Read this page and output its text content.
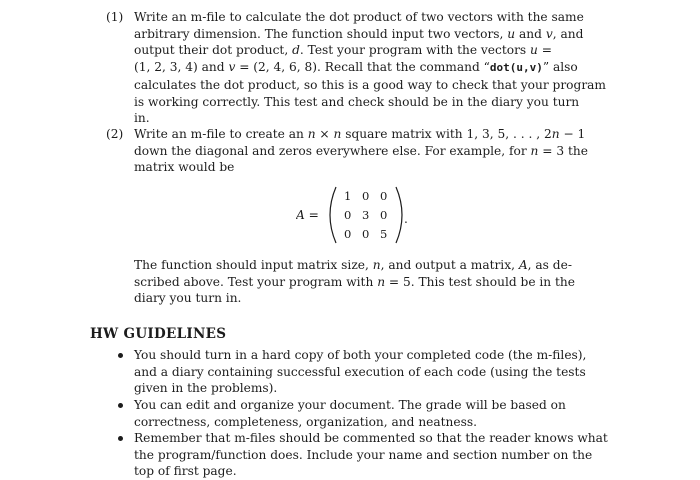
(1) Write an m-file to calculate the dot product of two vectors with the same
arbitrary dimension. The function should input two vectors, u and v, and
output their dot product, d. Test your program with the vectors u =
(1, 2, 3, 4) and v = (2, 4, 6, 8). Recall that the command “dot(u,v)” also
calculates the dot product, so this is a good way to check that your program
is working correctly. This test and check should be in the diary you turn
in.
(2) Write an m-file to create an n × n square matrix with 1, 3, 5, . . . , 2n − 1
down the diagonal and zeros everywhere else. For example, for n = 3 the
matrix would be
A =
1 0 0
0 3 0
0 0 5
.
The function should input matrix size, n, and output a matrix, A, as de-
scribed above. Test your program with n = 5. This test should be in the
diary you turn in.
HW GUIDELINES
You should turn in a hard copy of both your completed code (the m-files),
and a diary containing successful execution of each code (using the tests
given in the problems).
You can edit and organize your document. The grade will be based on
correctness, completeness, organization, and neatness.
Remember that m-files should be commented so that the reader knows what
the program/function does. Include your name and section number on the
top of first page.
